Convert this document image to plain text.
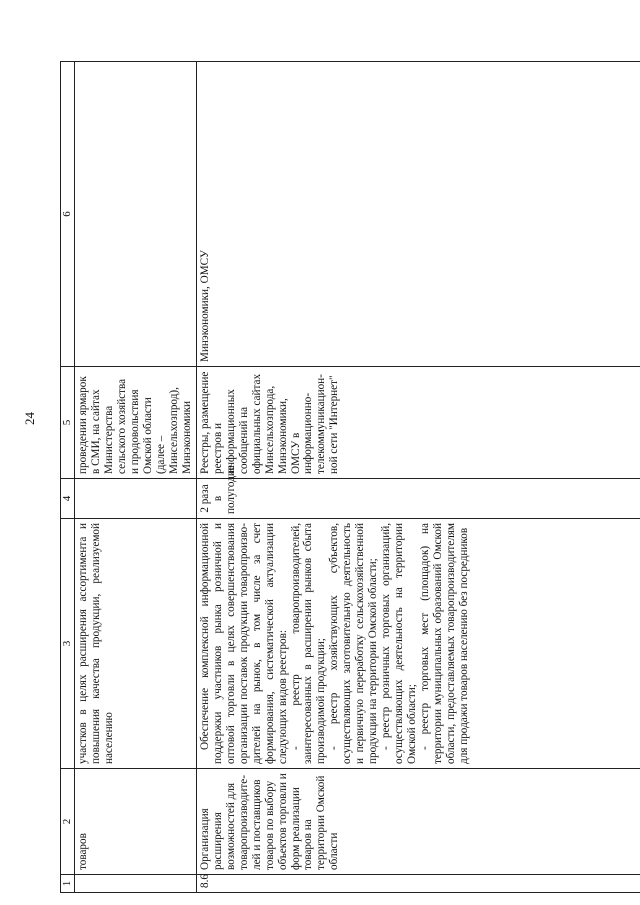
24
1	2	3	4	5	6
	товаров	участков в целях расширения ассортимента и повышения качества продукции, реализуемой населению		проведении ярмарок в СМИ, на сайтах Министерства сельского хозяйства и продовольствия Омской области (далее – Минсельхозпрод), Минэкономики	
8.6	Организация расширения возможностей для товаропроизводите-лей и поставщиков товаров по выбору объектов торговли и форм реализации товаров на территории Омской области	Обеспечение комплексной информационной поддержки участников рынка розничной и оптовой торговли в целях совершенствования организации поставок продукции товаропроизво-дителей на рынок, в том числе за счет формирования, систематической актуализации следующих видов реестров: - реестр товаропроизводителей, заинтересованных в расширении рынков сбыта производимой продукции; - реестр хозяйствующих субъектов, осуществляющих заготовительную деятельность и первичную переработку сельскохозяйственной продукции на территории Омской области; - реестр розничных торговых организаций, осуществляющих деятельность на территории Омской области; - реестр торговых мест (площадок) на территории муниципальных образований Омской области, предоставляемых товаропроизводителям для продажи товаров населению без посредников	2 раза в полугодие	Реестры, размещение реестров и информационных сообщений на официальных сайтах Минсельхозпрода, Минэкономики, ОМСУ в информационно-телекоммуникацион-ной сети "Интернет"	Минэкономики, ОМСУ
